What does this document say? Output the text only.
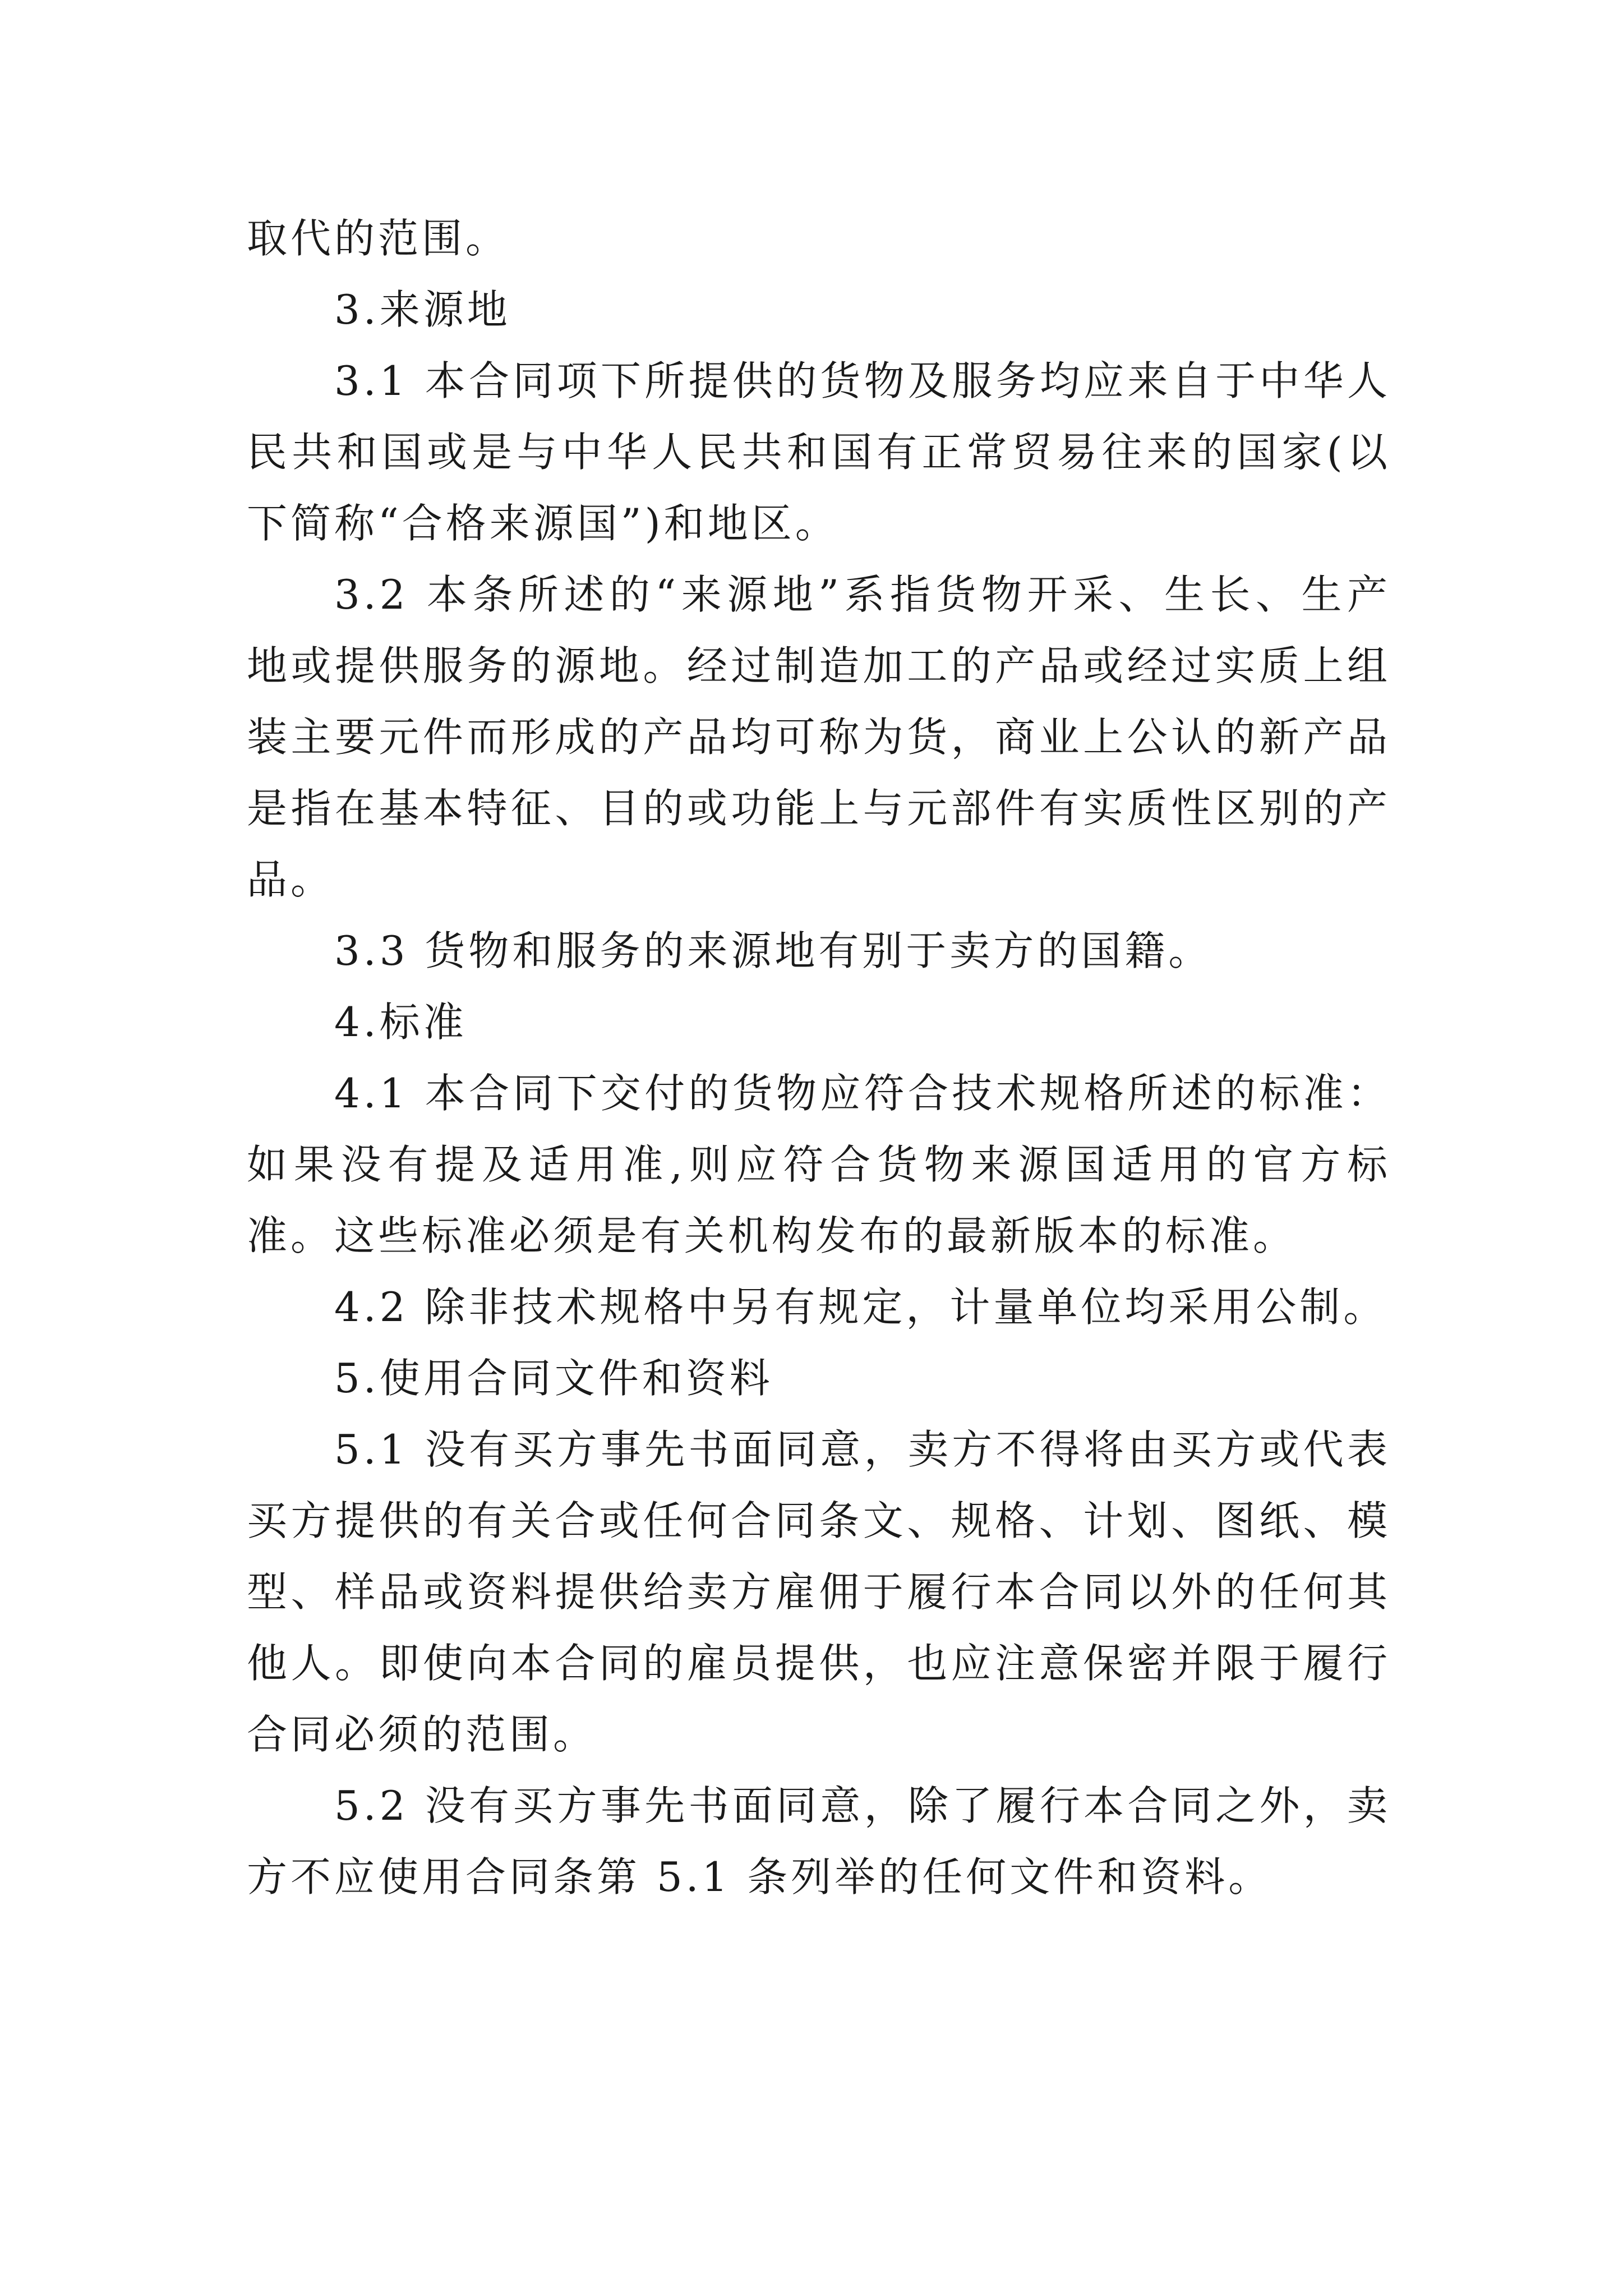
取代的范围。

3.来源地

3.1 本合同项下所提供的货物及服务均应来自于中华人民共和国或是与中华人民共和国有正常贸易往来的国家(以下简称“合格来源国”)和地区。

3.2 本条所述的“来源地”系指货物开采、生长、生产地或提供服务的源地。经过制造加工的产品或经过实质上组装主要元件而形成的产品均可称为货，商业上公认的新产品是指在基本特征、目的或功能上与元部件有实质性区别的产品。

3.3 货物和服务的来源地有别于卖方的国籍。

4.标准

4.1 本合同下交付的货物应符合技术规格所述的标准：如果没有提及适用准,则应符合货物来源国适用的官方标准。这些标准必须是有关机构发布的最新版本的标准。

4.2 除非技术规格中另有规定，计量单位均采用公制。

5.使用合同文件和资料

5.1 没有买方事先书面同意，卖方不得将由买方或代表买方提供的有关合或任何合同条文、规格、计划、图纸、模型、样品或资料提供给卖方雇佣于履行本合同以外的任何其他人。即使向本合同的雇员提供，也应注意保密并限于履行合同必须的范围。

5.2 没有买方事先书面同意，除了履行本合同之外，卖方不应使用合同条第 5.1 条列举的任何文件和资料。
